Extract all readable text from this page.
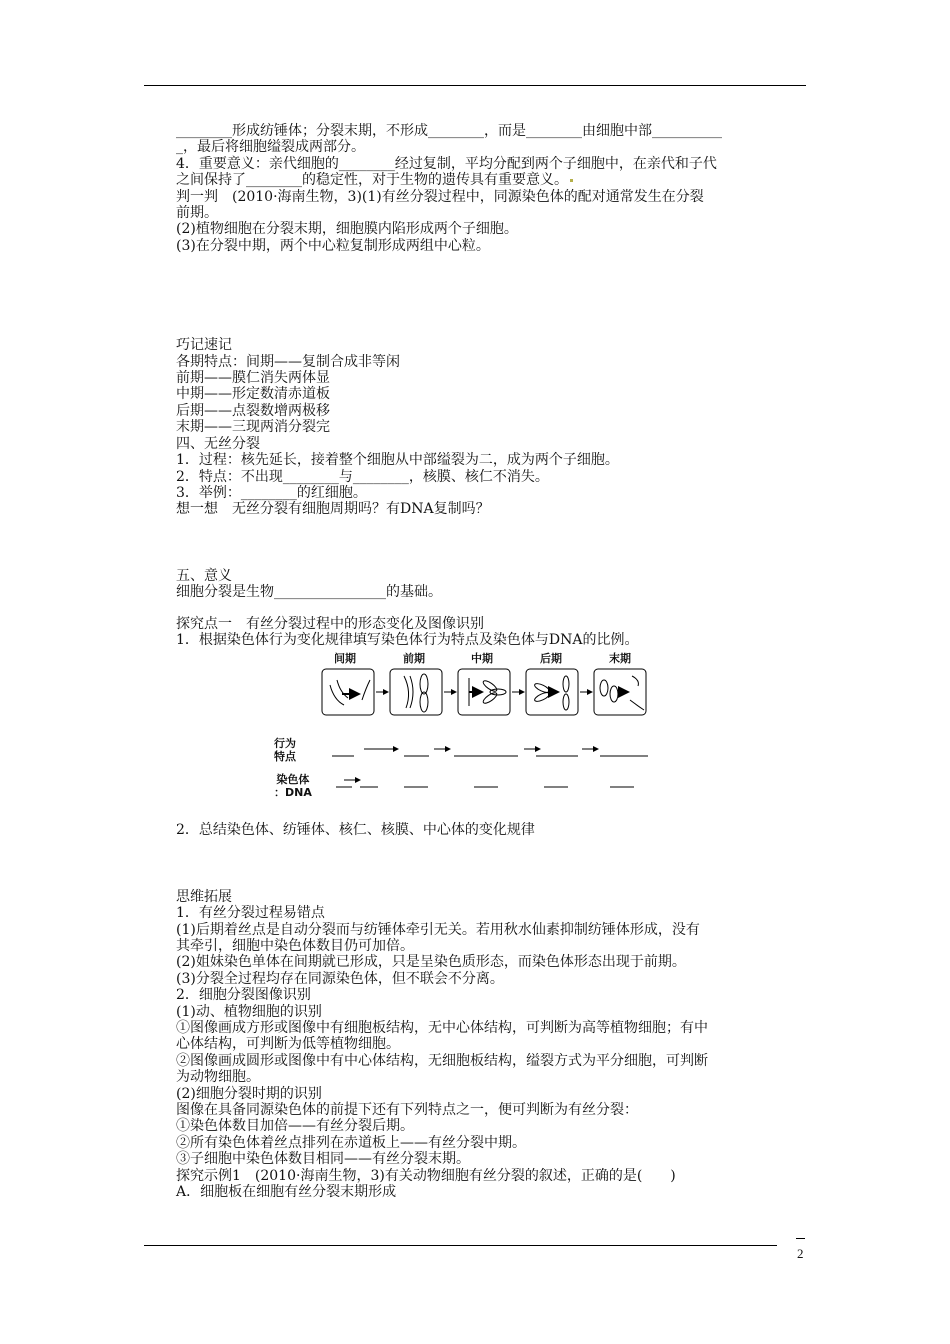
________形成纺锤体；分裂末期，不形成________，而是________由细胞中部__________
_，最后将细胞缢裂成两部分。
4．重要意义：亲代细胞的________经过复制，平均分配到两个子细胞中，在亲代和子代
之间保持了________的稳定性，对于生物的遗传具有重要意义。
判一判　(2010·海南生物，3)(1)有丝分裂过程中，同源染色体的配对通常发生在分裂
前期。
(2)植物细胞在分裂末期，细胞膜内陷形成两个子细胞。
(3)在分裂中期，两个中心粒复制形成两组中心粒。
巧记速记
各期特点：间期——复制合成非等闲
前期——膜仁消失两体显
中期——形定数清赤道板
后期——点裂数增两极移
末期——三现两消分裂完
四、无丝分裂
1．过程：核先延长，接着整个细胞从中部缢裂为二，成为两个子细胞。
2．特点：不出现________与________，核膜、核仁不消失。
3．举例：________的红细胞。
想一想　无丝分裂有细胞周期吗？有DNA复制吗？
五、意义
细胞分裂是生物________________的基础。
探究点一　有丝分裂过程中的形态变化及图像识别
1．根据染色体行为变化规律填写染色体行为特点及染色体与DNA的比例。
间期	前期	中期	后期	末期
行为
特点
染色体
：DNA
2．总结染色体、纺锤体、核仁、核膜、中心体的变化规律
思维拓展
1．有丝分裂过程易错点
(1)后期着丝点是自动分裂而与纺锤体牵引无关。若用秋水仙素抑制纺锤体形成，没有
其牵引，细胞中染色体数目仍可加倍。
(2)姐妹染色单体在间期就已形成，只是呈染色质形态，而染色体形态出现于前期。
(3)分裂全过程均存在同源染色体，但不联会不分离。
2．细胞分裂图像识别
(1)动、植物细胞的识别
①图像画成方形或图像中有细胞板结构，无中心体结构，可判断为高等植物细胞；有中
心体结构，可判断为低等植物细胞。
②图像画成圆形或图像中有中心体结构，无细胞板结构，缢裂方式为平分细胞，可判断
为动物细胞。
(2)细胞分裂时期的识别
图像在具备同源染色体的前提下还有下列特点之一，便可判断为有丝分裂：
①染色体数目加倍——有丝分裂后期。
②所有染色体着丝点排列在赤道板上——有丝分裂中期。
③子细胞中染色体数目相同——有丝分裂末期。
探究示例1　(2010·海南生物，3)有关动物细胞有丝分裂的叙述，正确的是(　　)
A．细胞板在细胞有丝分裂末期形成
2
